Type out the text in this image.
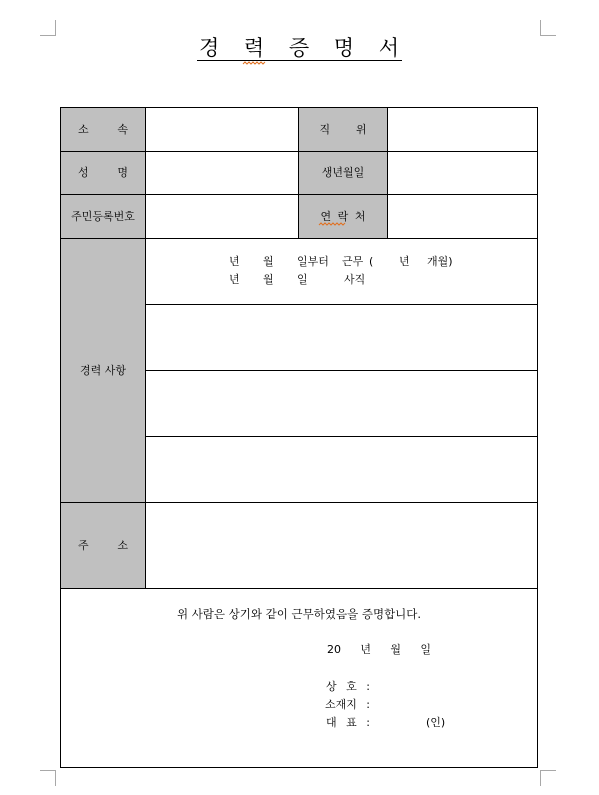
경 력 증 명 서
소 속	직 위
성 명	생년월일
주민등록번호	연 락 처
경력 사항
년 월 일부터 근무 ( 년 개월)
년 월 일	사직
주 소
위 사람은 상기와 같이 근무하였음을 증명합니다.
20 년 월 일
상 호 :
소재지 :
대 표 :	(인)
